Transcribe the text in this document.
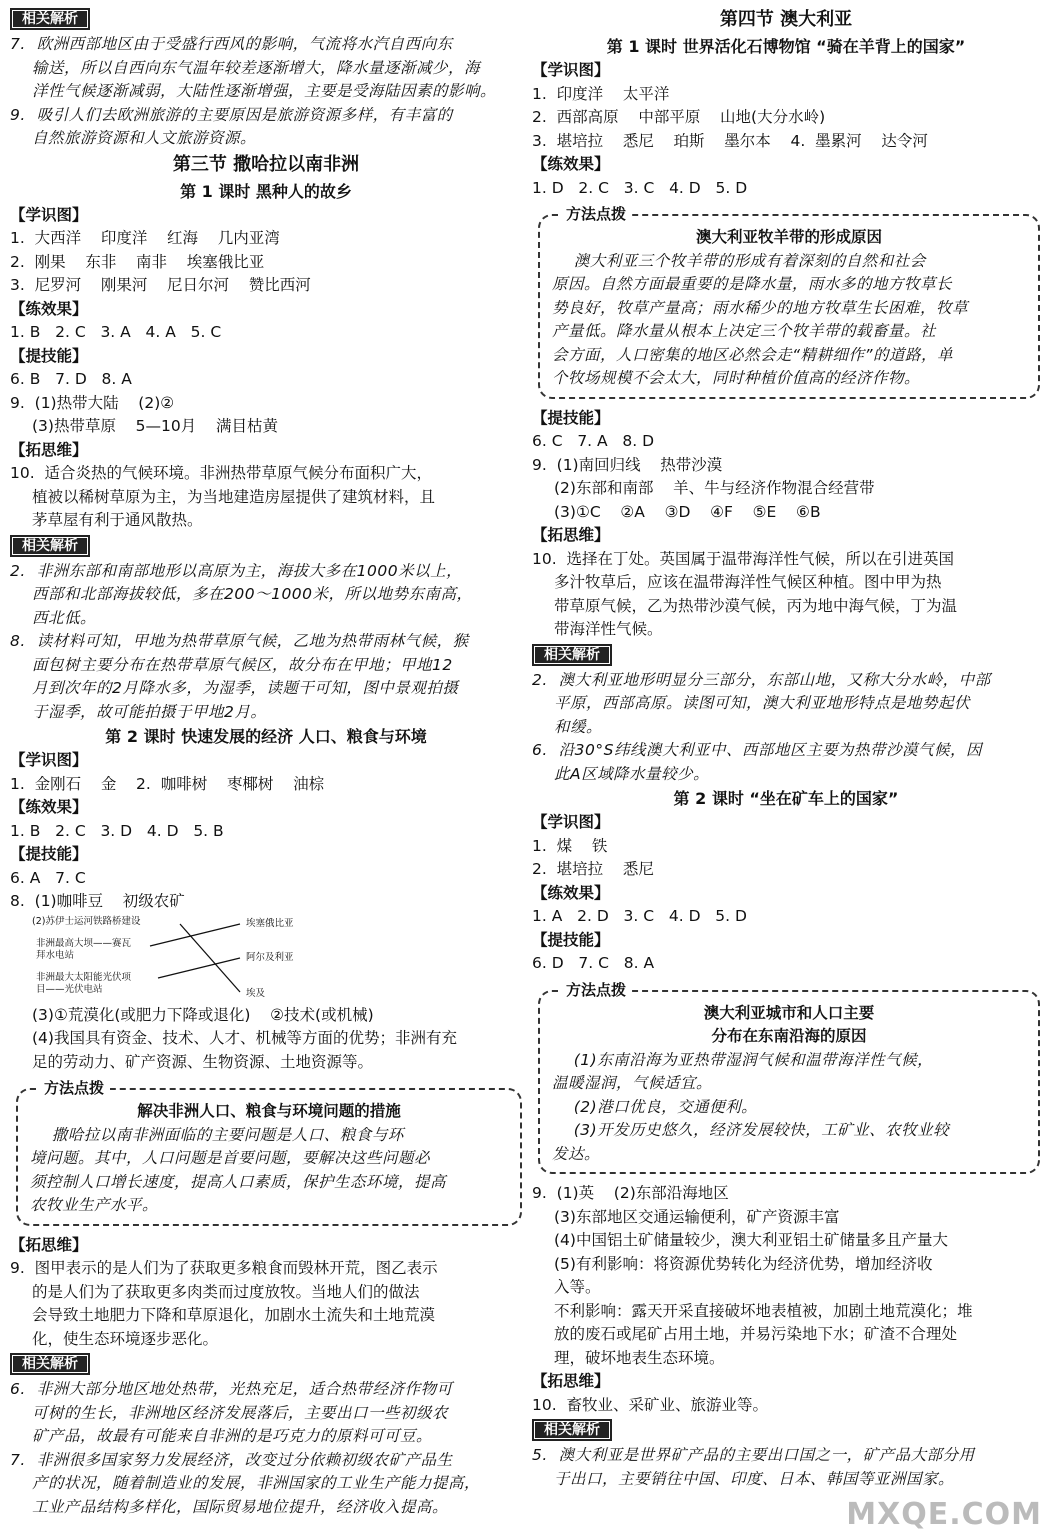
相关解析
7.  欧洲西部地区由于受盛行西风的影响，气流将水汽自西向东
输送，所以自西向东气温年较差逐渐增大，降水量逐渐减少，海
洋性气候逐渐减弱，大陆性逐渐增强，主要是受海陆因素的影响。
9.  吸引人们去欧洲旅游的主要原因是旅游资源多样，有丰富的
自然旅游资源和人文旅游资源。
第三节 撒哈拉以南非洲
第 1 课时 黑种人的故乡
【学识图】
1.  大西洋    印度洋    红海    几内亚湾
2.  刚果    东非    南非    埃塞俄比亚
3.  尼罗河    刚果河    尼日尔河    赞比西河
【练效果】
1. B   2. C   3. A   4. A   5. C
【提技能】
6. B   7. D   8. A
9.  (1)热带大陆    (2)②
(3)热带草原    5—10月    满目枯黄
【拓思维】
10.  适合炎热的气候环境。非洲热带草原气候分布面积广大，
植被以稀树草原为主，为当地建造房屋提供了建筑材料，且
茅草屋有利于通风散热。
相关解析
2.  非洲东部和南部地形以高原为主，海拔大多在1000米以上，
西部和北部海拔较低，多在200～1000米，所以地势东南高，
西北低。
8.  读材料可知，甲地为热带草原气候，乙地为热带雨林气候，猴
面包树主要分布在热带草原气候区，故分布在甲地；甲地12
月到次年的2月降水多，为湿季，读题干可知，图中景观拍摄
于湿季，故可能拍摄于甲地2月。
第 2 课时 快速发展的经济 人口、粮食与环境
【学识图】
1.  金刚石    金    2.  咖啡树    枣椰树    油棕
【练效果】
1. B   2. C   3. D   4. D   5. B
【提技能】
6. A   7. C
8.  (1)咖啡豆    初级农矿
(2)苏伊士运河铁路桥建设
非洲最高大坝——赛瓦
拜水电站
非洲最大太阳能光伏项
目——光伏电站
埃塞俄比亚
阿尔及利亚
埃及
(3)①荒漠化(或肥力下降或退化)    ②技术(或机械)
(4)我国具有资金、技术、人才、机械等方面的优势；非洲有充
足的劳动力、矿产资源、生物资源、土地资源等。
方法点拨
解决非洲人口、粮食与环境问题的措施
撒哈拉以南非洲面临的主要问题是人口、粮食与环
境问题。其中，人口问题是首要问题，要解决这些问题必
须控制人口增长速度，提高人口素质，保护生态环境，提高
农牧业生产水平。
【拓思维】
9.  图甲表示的是人们为了获取更多粮食而毁林开荒，图乙表示
的是人们为了获取更多肉类而过度放牧。当地人们的做法
会导致土地肥力下降和草原退化，加剧水土流失和土地荒漠
化，使生态环境逐步恶化。
相关解析
6.  非洲大部分地区地处热带，光热充足，适合热带经济作物可
可树的生长，非洲地区经济发展落后，主要出口一些初级农
矿产品，故最有可能来自非洲的是巧克力的原料可可豆。
7.  非洲很多国家努力发展经济，改变过分依赖初级农矿产品生
产的状况，随着制造业的发展，非洲国家的工业生产能力提高，
工业产品结构多样化，国际贸易地位提升，经济收入提高。
第四节 澳大利亚
第 1 课时 世界活化石博物馆 “骑在羊背上的国家”
【学识图】
1.  印度洋    太平洋
2.  西部高原    中部平原    山地(大分水岭)
3.  堪培拉    悉尼    珀斯    墨尔本    4.  墨累河    达令河
【练效果】
1. D   2. C   3. C   4. D   5. D
方法点拨
澳大利亚牧羊带的形成原因
澳大利亚三个牧羊带的形成有着深刻的自然和社会
原因。自然方面最重要的是降水量，雨水多的地方牧草长
势良好，牧草产量高；雨水稀少的地方牧草生长困难，牧草
产量低。降水量从根本上决定三个牧羊带的载畜量。社
会方面，人口密集的地区必然会走“精耕细作”的道路，单
个牧场规模不会太大，同时种植价值高的经济作物。
【提技能】
6. C   7. A   8. D
9.  (1)南回归线    热带沙漠
(2)东部和南部    羊、牛与经济作物混合经营带
(3)①C    ②A    ③D    ④F    ⑤E    ⑥B
【拓思维】
10.  选择在丁处。英国属于温带海洋性气候，所以在引进英国
多汁牧草后，应该在温带海洋性气候区种植。图中甲为热
带草原气候，乙为热带沙漠气候，丙为地中海气候，丁为温
带海洋性气候。
相关解析
2.  澳大利亚地形明显分三部分，东部山地，又称大分水岭，中部
平原，西部高原。读图可知，澳大利亚地形特点是地势起伏
和缓。
6.  沿30°S纬线澳大利亚中、西部地区主要为热带沙漠气候，因
此A区域降水量较少。
第 2 课时 “坐在矿车上的国家”
【学识图】
1.  煤    铁
2.  堪培拉    悉尼
【练效果】
1. A   2. D   3. C   4. D   5. D
【提技能】
6. D   7. C   8. A
方法点拨
澳大利亚城市和人口主要
分布在东南沿海的原因
(1)东南沿海为亚热带湿润气候和温带海洋性气候，
温暖湿润，气候适宜。
(2)港口优良，交通便利。
(3)开发历史悠久，经济发展较快，工矿业、农牧业较
发达。
9.  (1)英    (2)东部沿海地区
(3)东部地区交通运输便利，矿产资源丰富
(4)中国铝土矿储量较少，澳大利亚铝土矿储量多且产量大
(5)有利影响：将资源优势转化为经济优势，增加经济收
入等。
不利影响：露天开采直接破坏地表植被，加剧土地荒漠化；堆
放的废石或尾矿占用土地，并易污染地下水；矿渣不合理处
理，破坏地表生态环境。
【拓思维】
10.  畜牧业、采矿业、旅游业等。
相关解析
5.  澳大利亚是世界矿产品的主要出口国之一，矿产品大部分用
于出口，主要销往中国、印度、日本、韩国等亚洲国家。
MXQE.COM
